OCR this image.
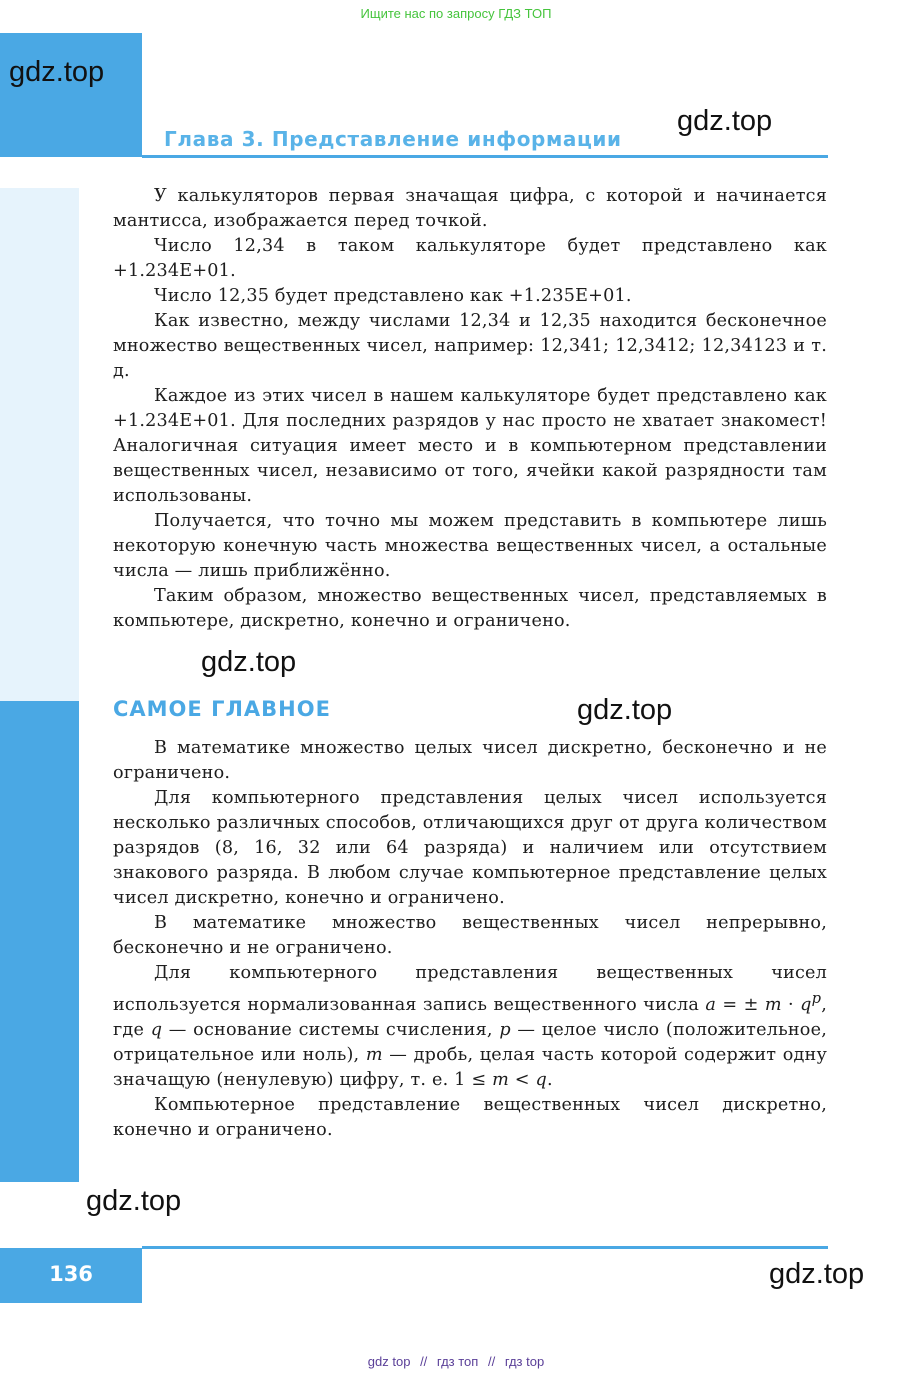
Ищите нас по запросу ГДЗ ТОП
gdz.top
Глава 3. Представление информации
gdz.top

У калькуляторов первая значащая цифра, с которой и начинается мантисса, изображается перед точкой.

Число 12,34 в таком калькуляторе будет представлено как +1.234E+01.

Число 12,35 будет представлено как +1.235E+01.

Как известно, между числами 12,34 и 12,35 находится бесконечное множество вещественных чисел, например: 12,341; 12,3412; 12,34123 и т. д.

Каждое из этих чисел в нашем калькуляторе будет представлено как +1.234E+01. Для последних разрядов у нас просто не хватает знакомест! Аналогичная ситуация имеет место и в компьютерном представлении вещественных чисел, независимо от того, ячейки какой разрядности там использованы.

Получается, что точно мы можем представить в компьютере лишь некоторую конечную часть множества вещественных чисел, а остальные числа — лишь приближённо.

Таким образом, множество вещественных чисел, представляемых в компьютере, дискретно, конечно и ограничено.

gdz.top
САМОЕ ГЛАВНОЕ	gdz.top

В математике множество целых чисел дискретно, бесконечно и не ограничено.

Для компьютерного представления целых чисел используется несколько различных способов, отличающихся друг от друга количеством разрядов (8, 16, 32 или 64 разряда) и наличием или отсутствием знакового разряда. В любом случае компьютерное представление целых чисел дискретно, конечно и ограничено.

В математике множество вещественных чисел непрерывно, бесконечно и не ограничено.

Для компьютерного представления вещественных чисел используется нормализованная запись вещественного числа a = ± $m \cdot q^p$, где q — основание системы счисления, p — целое число (положительное, отрицательное или ноль), m — дробь, целая часть которой содержит одну значащую (ненулевую) цифру, т. е. 1 ≤ m < q.

Компьютерное представление вещественных чисел дискретно, конечно и ограничено.

gdz.top
136	gdz.top
gdz top // гдз топ // гдз top
